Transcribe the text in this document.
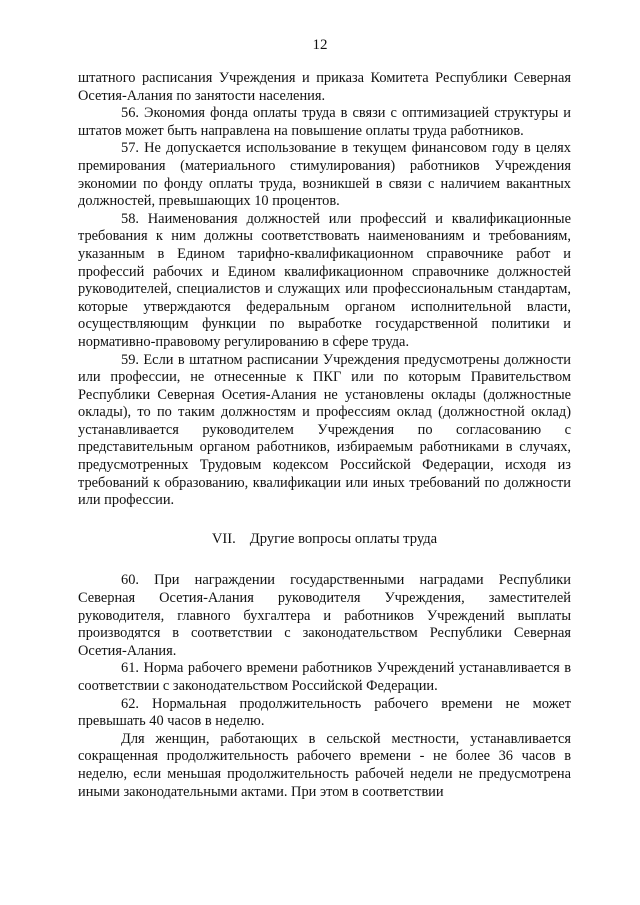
12

штатного расписания Учреждения и приказа Комитета Республики Северная Осетия-Алания по занятости населения.

56. Экономия фонда оплаты труда в связи с оптимизацией структуры и штатов может быть направлена на повышение оплаты труда работников.

57. Не допускается использование в текущем финансовом году в целях премирования (материального стимулирования) работников Учреждения экономии по фонду оплаты труда, возникшей в связи с наличием вакантных должностей, превышающих 10 процентов.

58. Наименования должностей или профессий и квалификационные требования к ним должны соответствовать наименованиям и требованиям, указанным в Едином тарифно-квалификационном справочнике работ и профессий рабочих и Едином квалификационном справочнике должностей руководителей, специалистов и служащих или профессиональным стандартам, которые утверждаются федеральным органом исполнительной власти, осуществляющим функции по выработке государственной политики и нормативно-правовому регулированию в сфере труда.

59. Если в штатном расписании Учреждения предусмотрены должности или профессии, не отнесенные к ПКГ или по которым Правительством Республики Северная Осетия-Алания не установлены оклады (должностные оклады), то по таким должностям и профессиям оклад (должностной оклад) устанавливается руководителем Учреждения по согласованию с представительным органом работников, избираемым работниками в случаях, предусмотренных Трудовым кодексом Российской Федерации, исходя из требований к образованию, квалификации или иных требований по должности или профессии.

VII. Другие вопросы оплаты труда

60. При награждении государственными наградами Республики Северная Осетия-Алания руководителя Учреждения, заместителей руководителя, главного бухгалтера и работников Учреждений выплаты производятся в соответствии с законодательством Республики Северная Осетия-Алания.

61. Норма рабочего времени работников Учреждений устанавливается в соответствии с законодательством Российской Федерации.

62. Нормальная продолжительность рабочего времени не может превышать 40 часов в неделю.

Для женщин, работающих в сельской местности, устанавливается сокращенная продолжительность рабочего времени - не более 36 часов в неделю, если меньшая продолжительность рабочей недели не предусмотрена иными законодательными актами. При этом в соответствии
